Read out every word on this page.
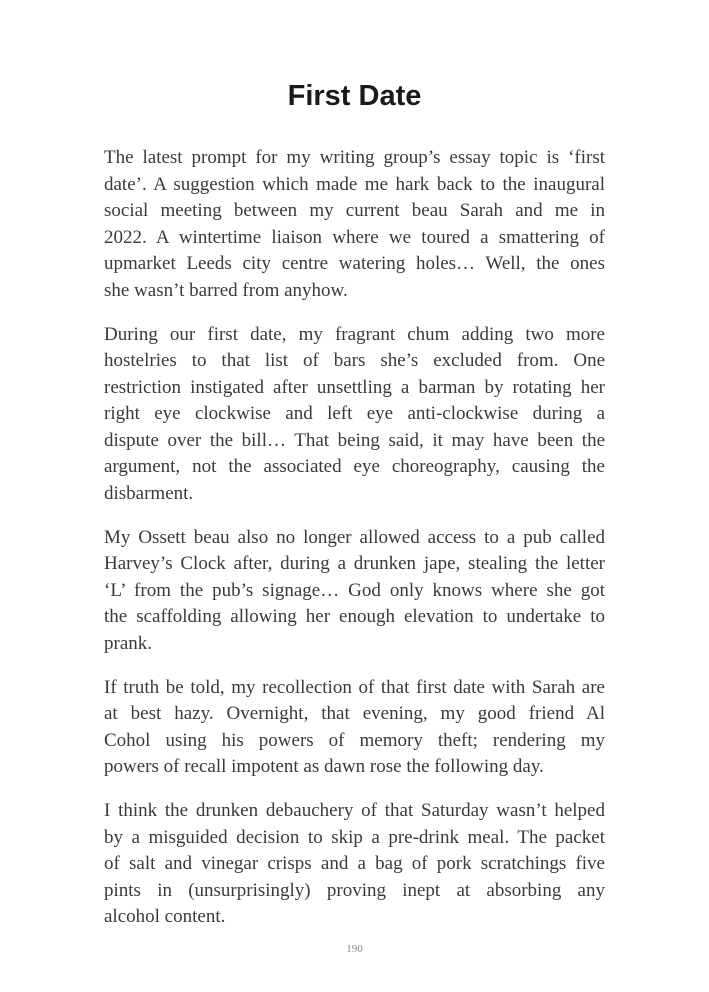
First Date

The latest prompt for my writing group’s essay topic is ‘first
date’. A suggestion which made me hark back to the inaugural
social meeting between my current beau Sarah and me in
2022. A wintertime liaison where we toured a smattering of
upmarket Leeds city centre watering holes… Well, the ones
she wasn’t barred from anyhow.

During our first date, my fragrant chum adding two more
hostelries to that list of bars she’s excluded from. One
restriction instigated after unsettling a barman by rotating her
right eye clockwise and left eye anti-clockwise during a
dispute over the bill… That being said, it may have been the
argument, not the associated eye choreography, causing the
disbarment.

My Ossett beau also no longer allowed access to a pub called
Harvey’s Clock after, during a drunken jape, stealing the letter
‘L’ from the pub’s signage… God only knows where she got
the scaffolding allowing her enough elevation to undertake to
prank.

If truth be told, my recollection of that first date with Sarah are
at best hazy. Overnight, that evening, my good friend Al
Cohol using his powers of memory theft; rendering my
powers of recall impotent as dawn rose the following day.

I think the drunken debauchery of that Saturday wasn’t helped
by a misguided decision to skip a pre-drink meal. The packet
of salt and vinegar crisps and a bag of pork scratchings five
pints in (unsurprisingly) proving inept at absorbing any
alcohol content.

190
